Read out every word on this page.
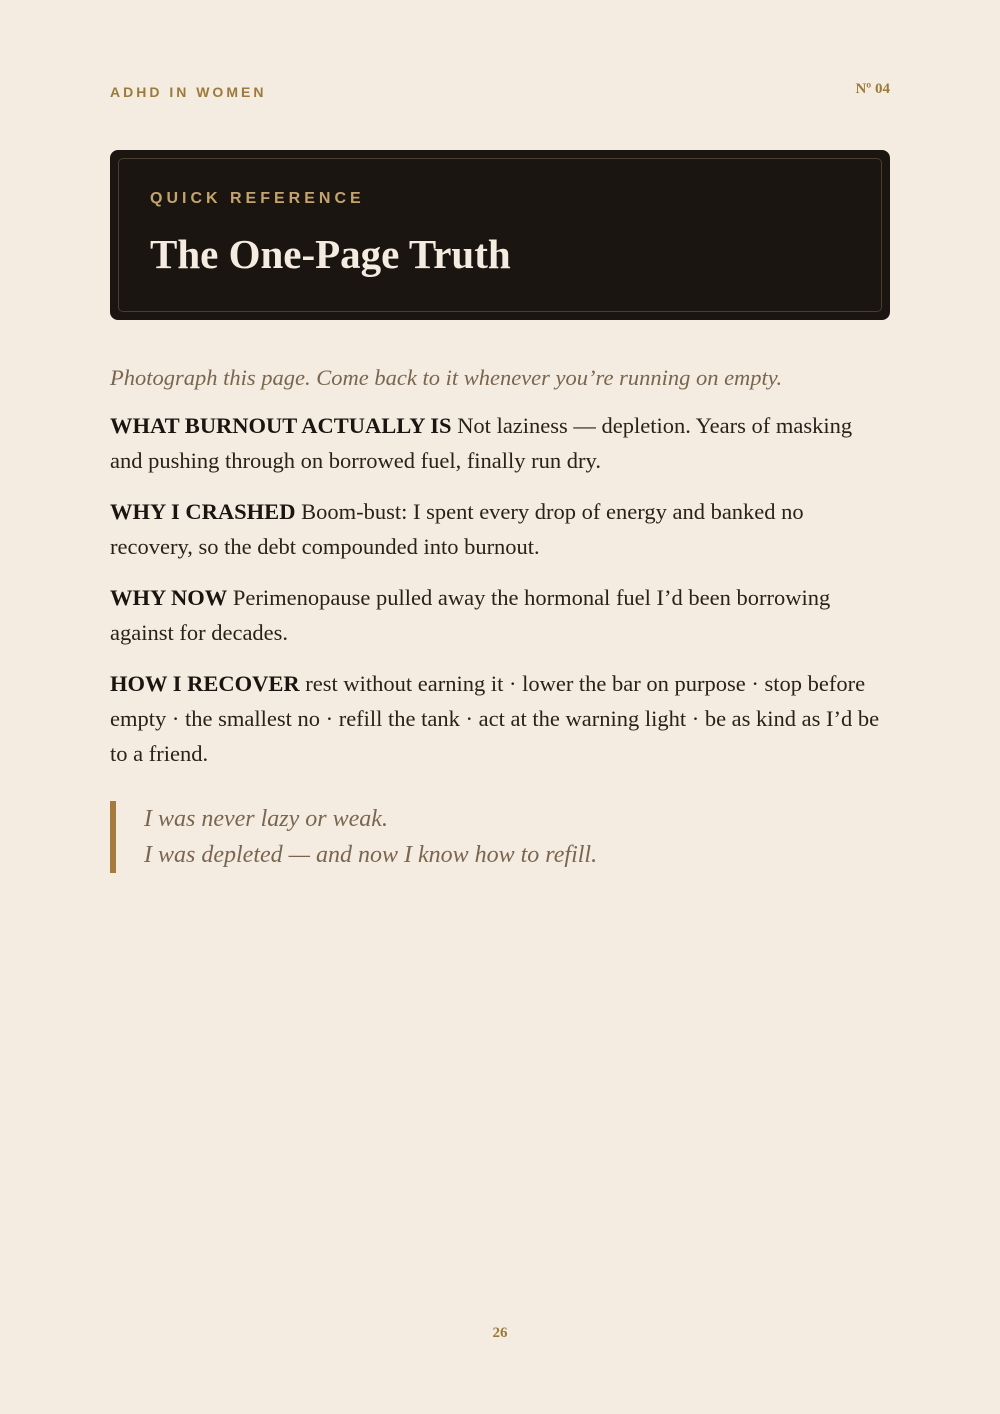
ADHD IN WOMEN	Nº 04
QUICK REFERENCE
The One-Page Truth

Photograph this page. Come back to it whenever you’re running on empty.

WHAT BURNOUT ACTUALLY IS Not laziness — depletion. Years of masking and pushing through on borrowed fuel, finally run dry.

WHY I CRASHED Boom-bust: I spent every drop of energy and banked no recovery, so the debt compounded into burnout.

WHY NOW Perimenopause pulled away the hormonal fuel I’d been borrowing against for decades.

HOW I RECOVER rest without earning it · lower the bar on purpose · stop before empty · the smallest no · refill the tank · act at the warning light · be as kind as I’d be to a friend.

I was never lazy or weak.
I was depleted — and now I know how to refill.
26
